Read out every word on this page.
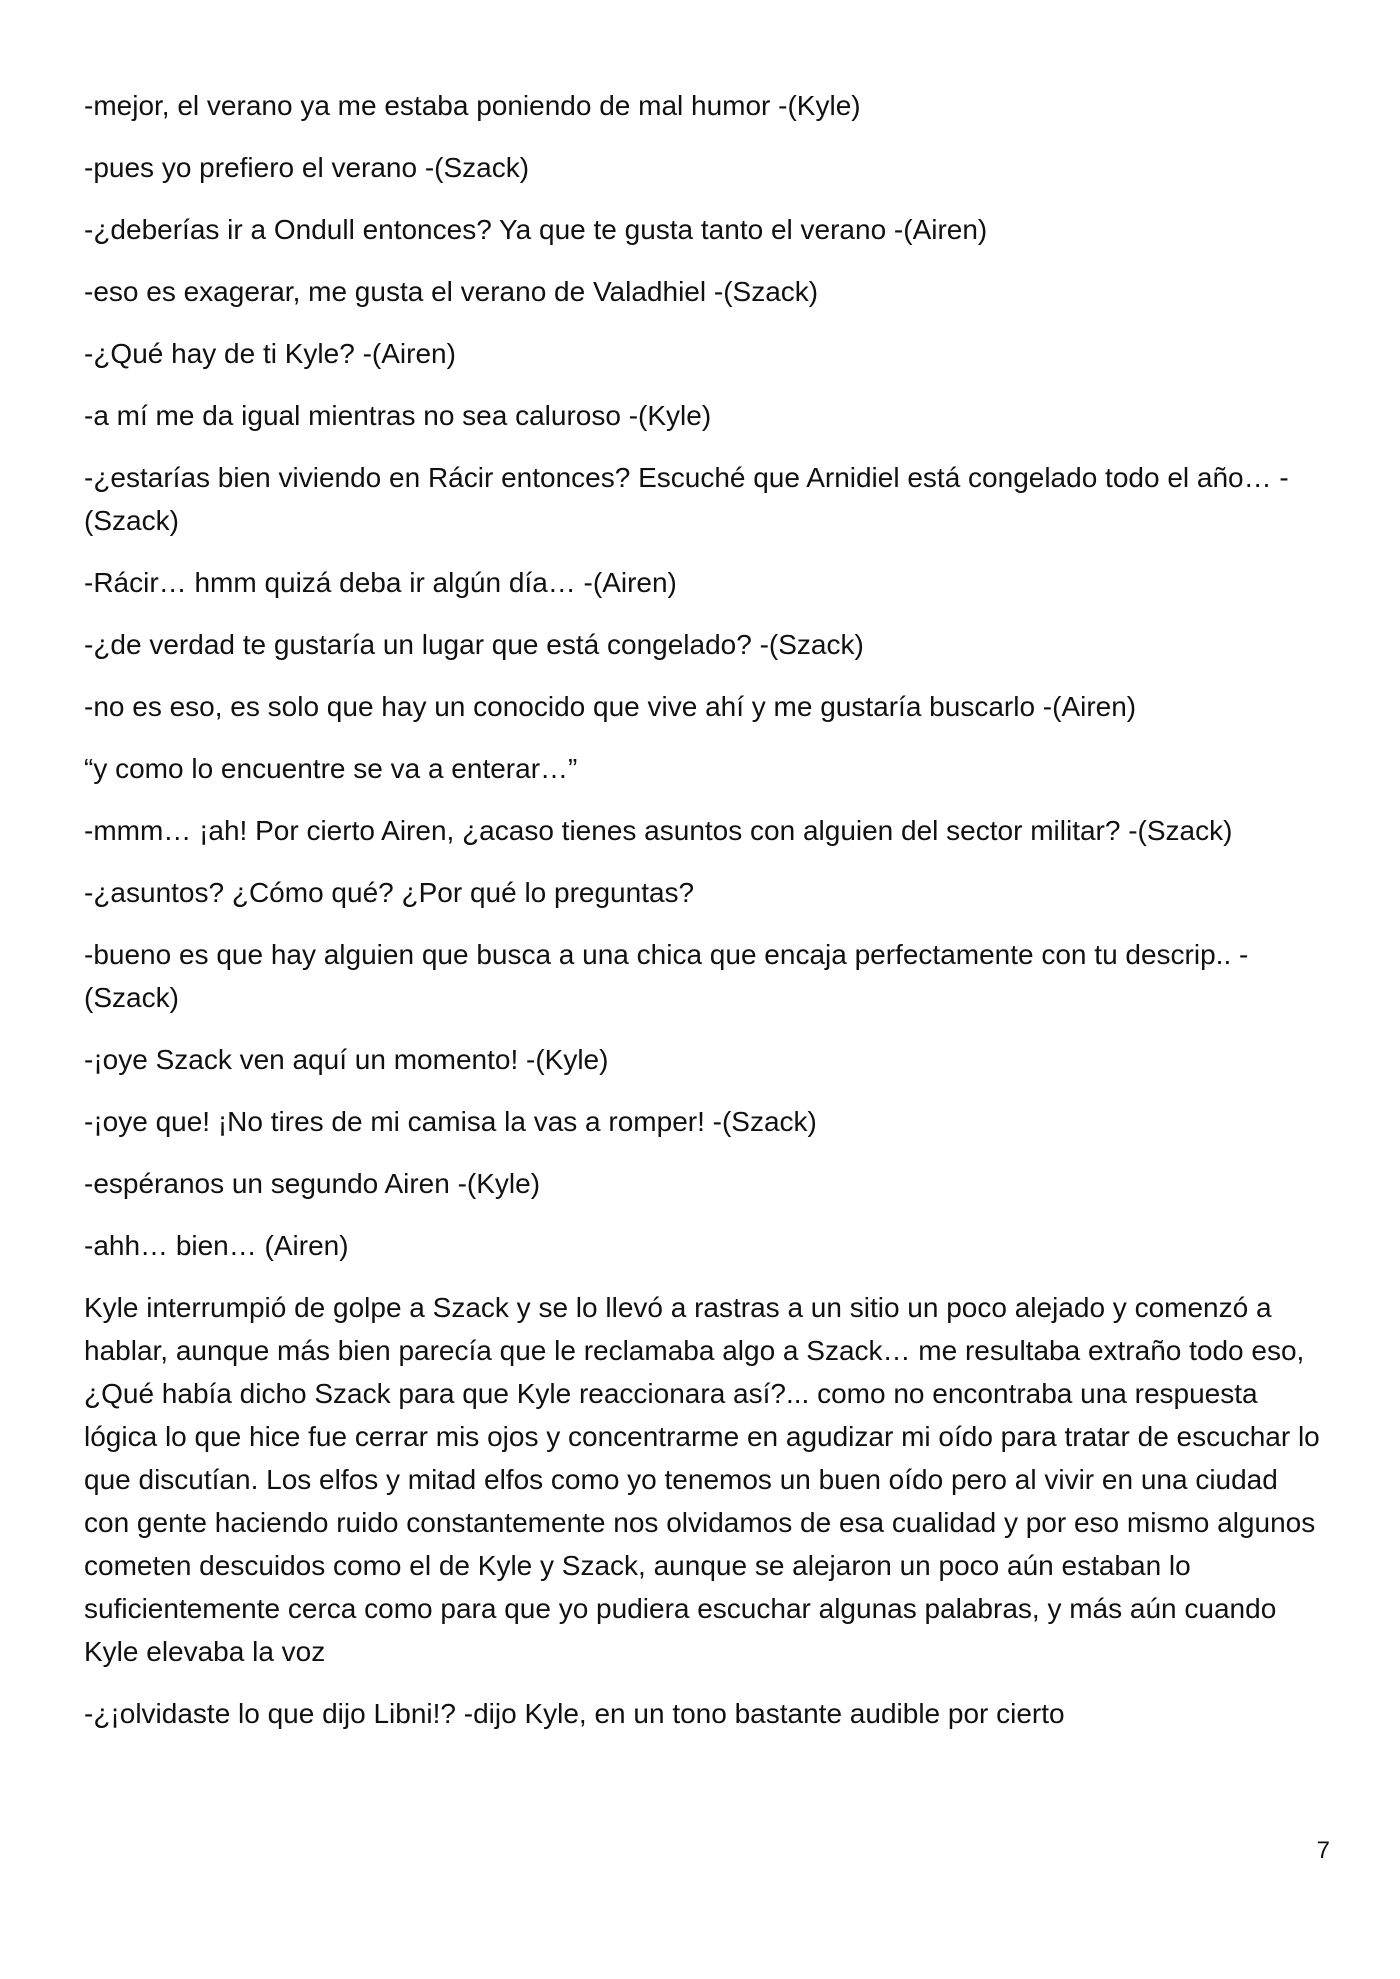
-mejor, el verano ya me estaba poniendo de mal humor -(Kyle)

-pues yo prefiero el verano -(Szack)

-¿deberías ir a Ondull entonces? Ya que te gusta tanto el verano -(Airen)

-eso es exagerar, me gusta el verano de Valadhiel -(Szack)

-¿Qué hay de ti Kyle? -(Airen)

-a mí me da igual mientras no sea caluroso -(Kyle)

-¿estarías bien viviendo en Rácir entonces? Escuché que Arnidiel está congelado todo el año… -(Szack)

-Rácir… hmm quizá deba ir algún día… -(Airen)

-¿de verdad te gustaría un lugar que está congelado? -(Szack)

-no es eso, es solo que hay un conocido que vive ahí y me gustaría buscarlo -(Airen)

“y como lo encuentre se va a enterar…”

-mmm… ¡ah! Por cierto Airen, ¿acaso tienes asuntos con alguien del sector militar? -(Szack)

-¿asuntos? ¿Cómo qué? ¿Por qué lo preguntas?

-bueno es que hay alguien que busca a una chica que encaja perfectamente con tu descrip.. -(Szack)

-¡oye Szack ven aquí un momento! -(Kyle)

-¡oye que! ¡No tires de mi camisa la vas a romper! -(Szack)

-espéranos un segundo Airen -(Kyle)

-ahh… bien… (Airen)

Kyle interrumpió de golpe a Szack y se lo llevó a rastras a un sitio un poco alejado y comenzó a hablar, aunque más bien parecía que le reclamaba algo a Szack… me resultaba extraño todo eso, ¿Qué había dicho Szack para que Kyle reaccionara así?... como no encontraba una respuesta lógica lo que hice fue cerrar mis ojos y concentrarme en agudizar mi oído para tratar de escuchar lo que discutían. Los elfos y mitad elfos como yo tenemos un buen oído pero al vivir en una ciudad con gente haciendo ruido constantemente nos olvidamos de esa cualidad y por eso mismo algunos cometen descuidos como el de Kyle y Szack, aunque se alejaron un poco aún estaban lo suficientemente cerca como para que yo pudiera escuchar algunas palabras, y más aún cuando Kyle elevaba la voz

-¿¡olvidaste lo que dijo Libni!? -dijo Kyle, en un tono bastante audible por cierto

7
